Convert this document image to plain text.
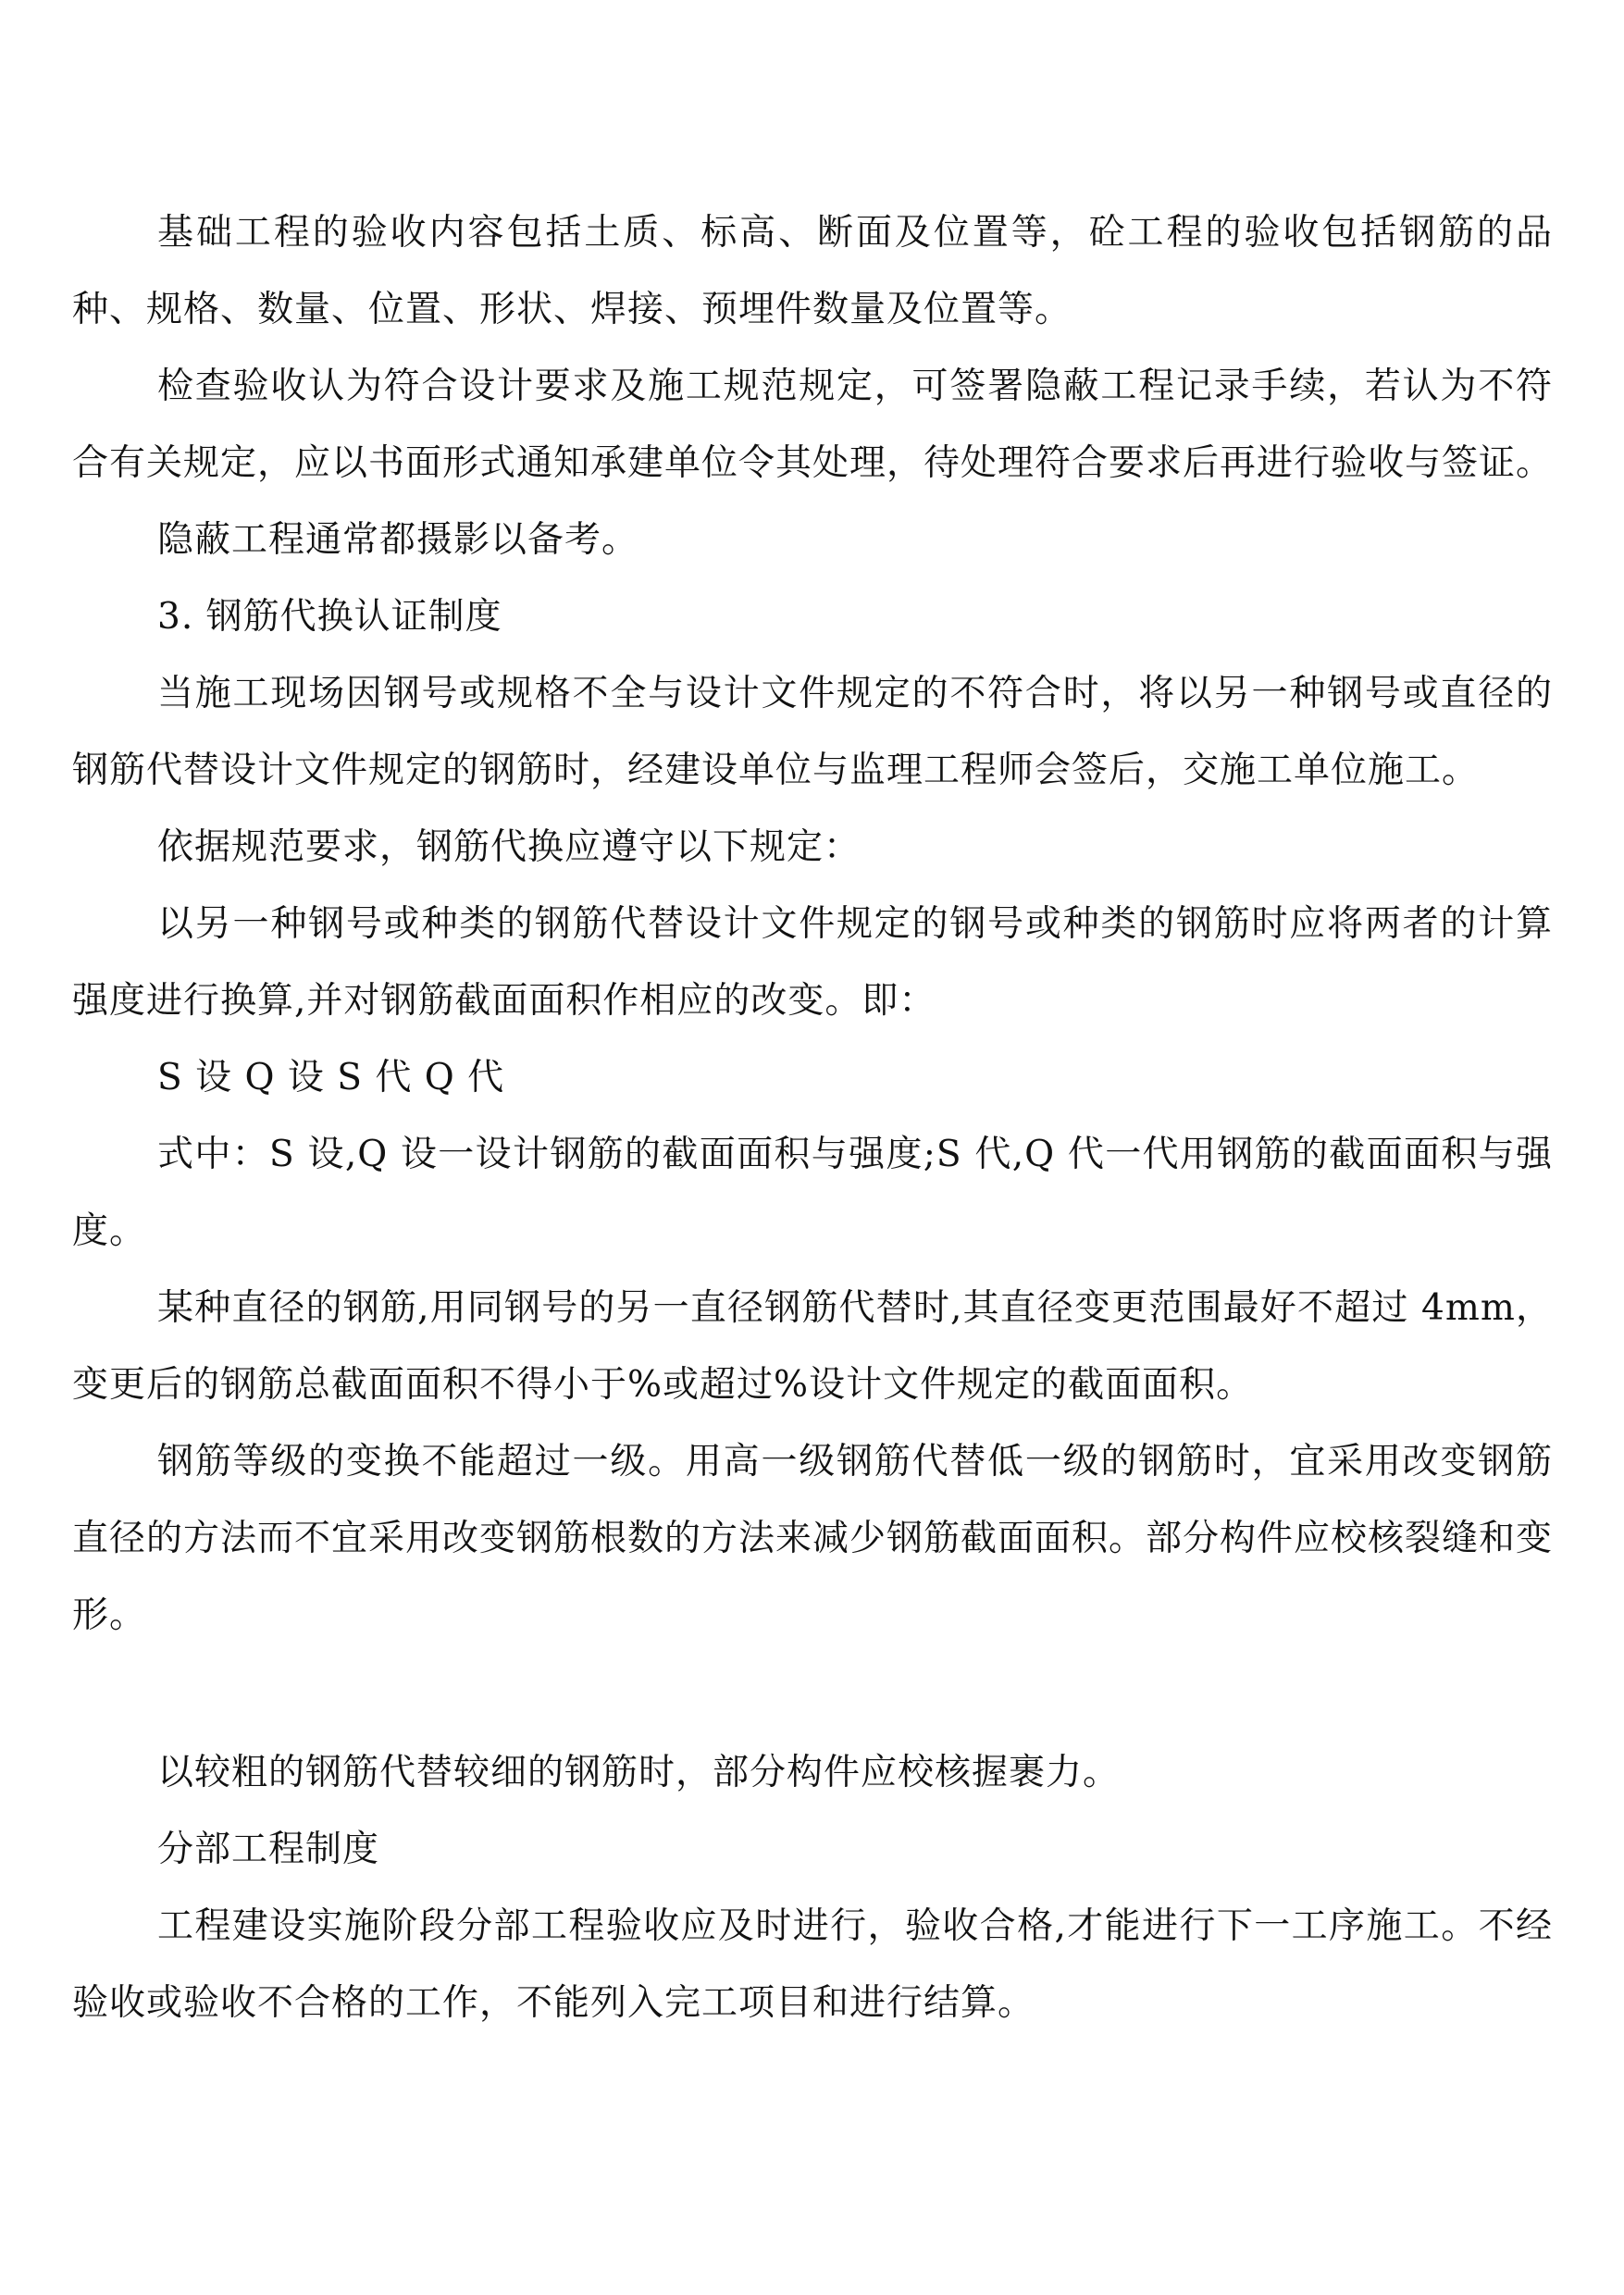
基础工程的验收内容包括土质、标高、断面及位置等，砼工程的验收包括钢筋的品种、规格、数量、位置、形状、焊接、预埋件数量及位置等。

检查验收认为符合设计要求及施工规范规定，可签署隐蔽工程记录手续，若认为不符合有关规定，应以书面形式通知承建单位令其处理，待处理符合要求后再进行验收与签证。

隐蔽工程通常都摄影以备考。

3. 钢筋代换认证制度

当施工现场因钢号或规格不全与设计文件规定的不符合时，将以另一种钢号或直径的钢筋代替设计文件规定的钢筋时，经建设单位与监理工程师会签后，交施工单位施工。

依据规范要求，钢筋代换应遵守以下规定：

以另一种钢号或种类的钢筋代替设计文件规定的钢号或种类的钢筋时应将两者的计算强度进行换算,并对钢筋截面面积作相应的改变。即：

S 设 Q 设 S 代 Q 代

式中：S 设,Q 设一设计钢筋的截面面积与强度;S 代,Q 代一代用钢筋的截面面积与强度。

某种直径的钢筋,用同钢号的另一直径钢筋代替时,其直径变更范围最好不超过 4mm，变更后的钢筋总截面面积不得小于%或超过%设计文件规定的截面面积。

钢筋等级的变换不能超过一级。用高一级钢筋代替低一级的钢筋时，宜采用改变钢筋直径的方法而不宜采用改变钢筋根数的方法来减少钢筋截面面积。部分构件应校核裂缝和变形。

以较粗的钢筋代替较细的钢筋时，部分构件应校核握裹力。

分部工程制度

工程建设实施阶段分部工程验收应及时进行，验收合格,才能进行下一工序施工。不经验收或验收不合格的工作，不能列入完工项目和进行结算。
